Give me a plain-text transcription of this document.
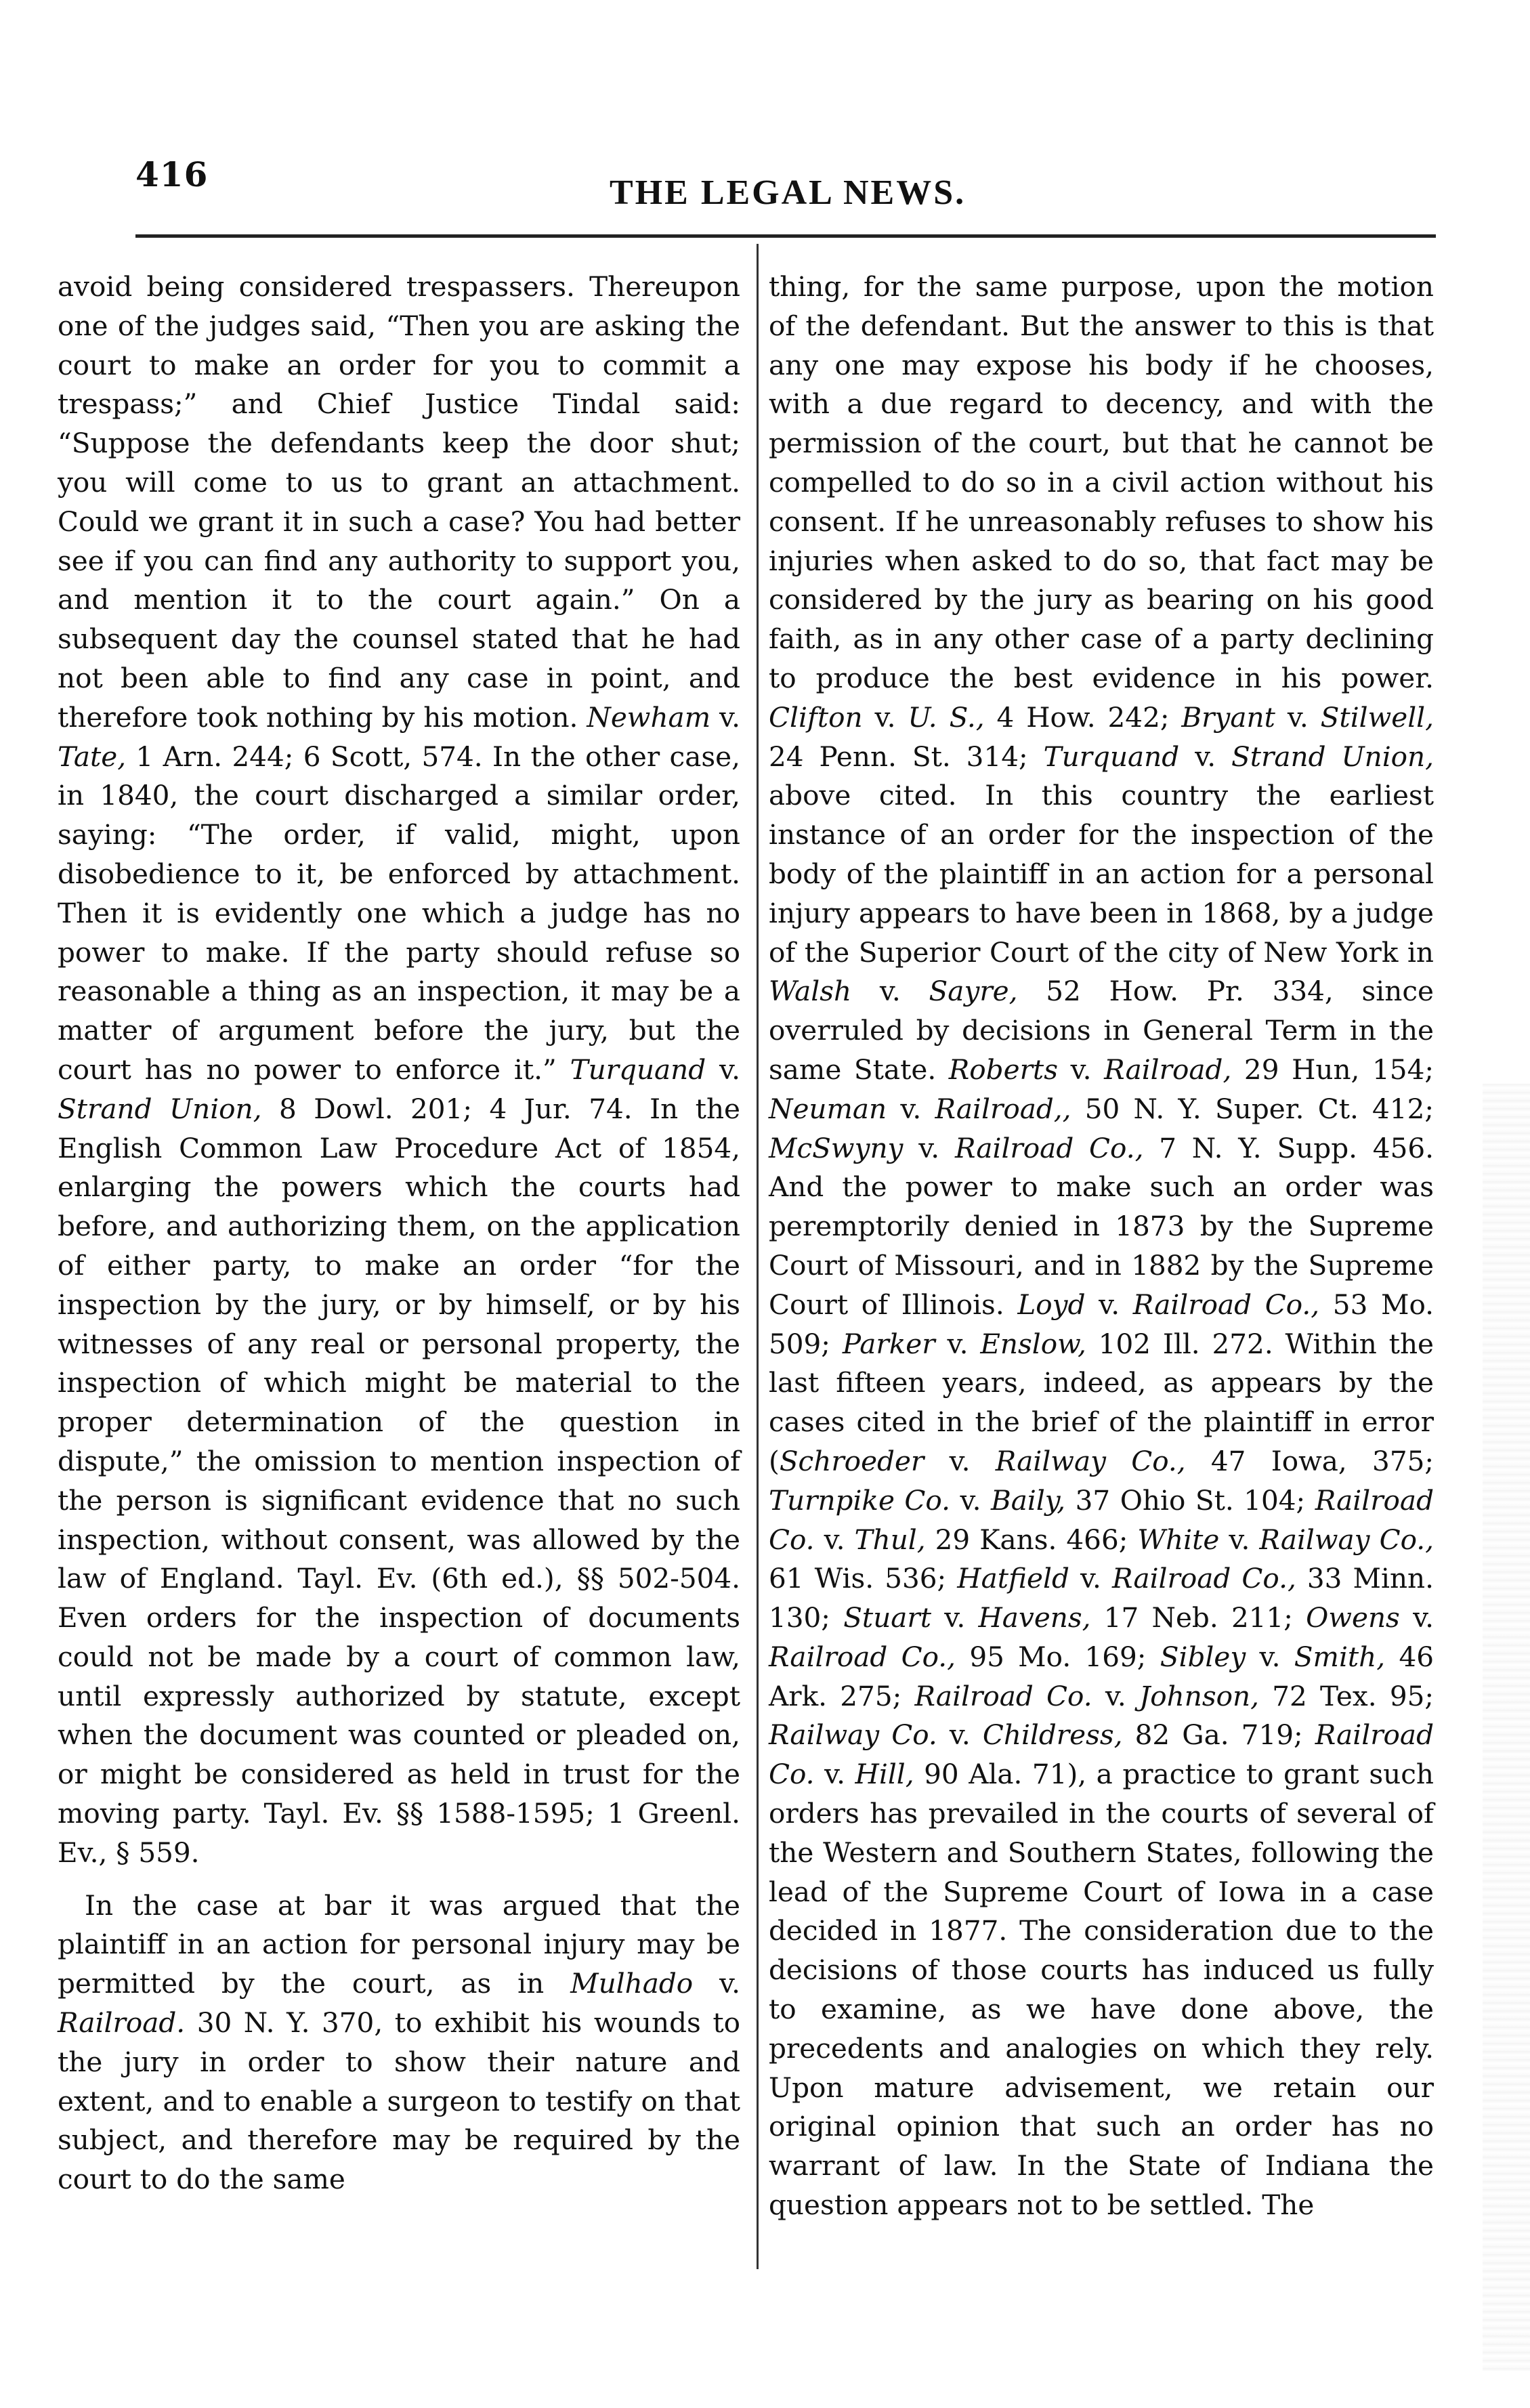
416	THE LEGAL NEWS.

avoid being considered trespassers. Thereupon one of the judges said, “Then you are asking the court to make an order for you to commit a trespass;” and Chief Justice Tindal said: “Suppose the defendants keep the door shut; you will come to us to grant an attachment. Could we grant it in such a case? You had better see if you can find any authority to support you, and mention it to the court again.” On a subsequent day the counsel stated that he had not been able to find any case in point, and therefore took nothing by his motion. Newham v. Tate, 1 Arn. 244; 6 Scott, 574. In the other case, in 1840, the court discharged a similar order, saying: “The order, if valid, might, upon disobedience to it, be enforced by attachment. Then it is evidently one which a judge has no power to make. If the party should refuse so reasonable a thing as an inspection, it may be a matter of argument before the jury, but the court has no power to enforce it.” Turquand v. Strand Union, 8 Dowl. 201; 4 Jur. 74. In the English Common Law Procedure Act of 1854, enlarging the powers which the courts had before, and authorizing them, on the application of either party, to make an order “for the inspection by the jury, or by himself, or by his witnesses of any real or personal property, the inspection of which might be material to the proper determination of the question in dispute,” the omission to mention inspection of the person is significant evidence that no such inspection, without consent, was allowed by the law of England. Tayl. Ev. (6th ed.), §§ 502-504. Even orders for the inspection of documents could not be made by a court of common law, until expressly authorized by statute, except when the document was counted or pleaded on, or might be considered as held in trust for the moving party. Tayl. Ev. §§ 1588-1595; 1 Greenl. Ev., § 559.

In the case at bar it was argued that the plaintiff in an action for personal injury may be permitted by the court, as in Mulhado v. Railroad. 30 N. Y. 370, to exhibit his wounds to the jury in order to show their nature and extent, and to enable a surgeon to testify on that subject, and therefore may be required by the court to do the same

thing, for the same purpose, upon the motion of the defendant. But the answer to this is that any one may expose his body if he chooses, with a due regard to decency, and with the permission of the court, but that he cannot be compelled to do so in a civil action without his consent. If he unreasonably refuses to show his injuries when asked to do so, that fact may be considered by the jury as bearing on his good faith, as in any other case of a party declining to produce the best evidence in his power. Clifton v. U. S., 4 How. 242; Bryant v. Stilwell, 24 Penn. St. 314; Turquand v. Strand Union, above cited. In this country the earliest instance of an order for the inspection of the body of the plaintiff in an action for a personal injury appears to have been in 1868, by a judge of the Superior Court of the city of New York in Walsh v. Sayre, 52 How. Pr. 334, since overruled by decisions in General Term in the same State. Roberts v. Railroad, 29 Hun, 154; Neuman v. Railroad,, 50 N. Y. Super. Ct. 412; McSwyny v. Railroad Co., 7 N. Y. Supp. 456. And the power to make such an order was peremptorily denied in 1873 by the Supreme Court of Missouri, and in 1882 by the Supreme Court of Illinois. Loyd v. Railroad Co., 53 Mo. 509; Parker v. Enslow, 102 Ill. 272. Within the last fifteen years, indeed, as appears by the cases cited in the brief of the plaintiff in error (Schroeder v. Railway Co., 47 Iowa, 375; Turnpike Co. v. Baily, 37 Ohio St. 104; Railroad Co. v. Thul, 29 Kans. 466; White v. Railway Co., 61 Wis. 536; Hatfield v. Railroad Co., 33 Minn. 130; Stuart v. Havens, 17 Neb. 211; Owens v. Railroad Co., 95 Mo. 169; Sibley v. Smith, 46 Ark. 275; Railroad Co. v. Johnson, 72 Tex. 95; Railway Co. v. Childress, 82 Ga. 719; Railroad Co. v. Hill, 90 Ala. 71), a practice to grant such orders has prevailed in the courts of several of the Western and Southern States, following the lead of the Supreme Court of Iowa in a case decided in 1877. The consideration due to the decisions of those courts has induced us fully to examine, as we have done above, the precedents and analogies on which they rely. Upon mature advisement, we retain our original opinion that such an order has no warrant of law. In the State of Indiana the question appears not to be settled. The
